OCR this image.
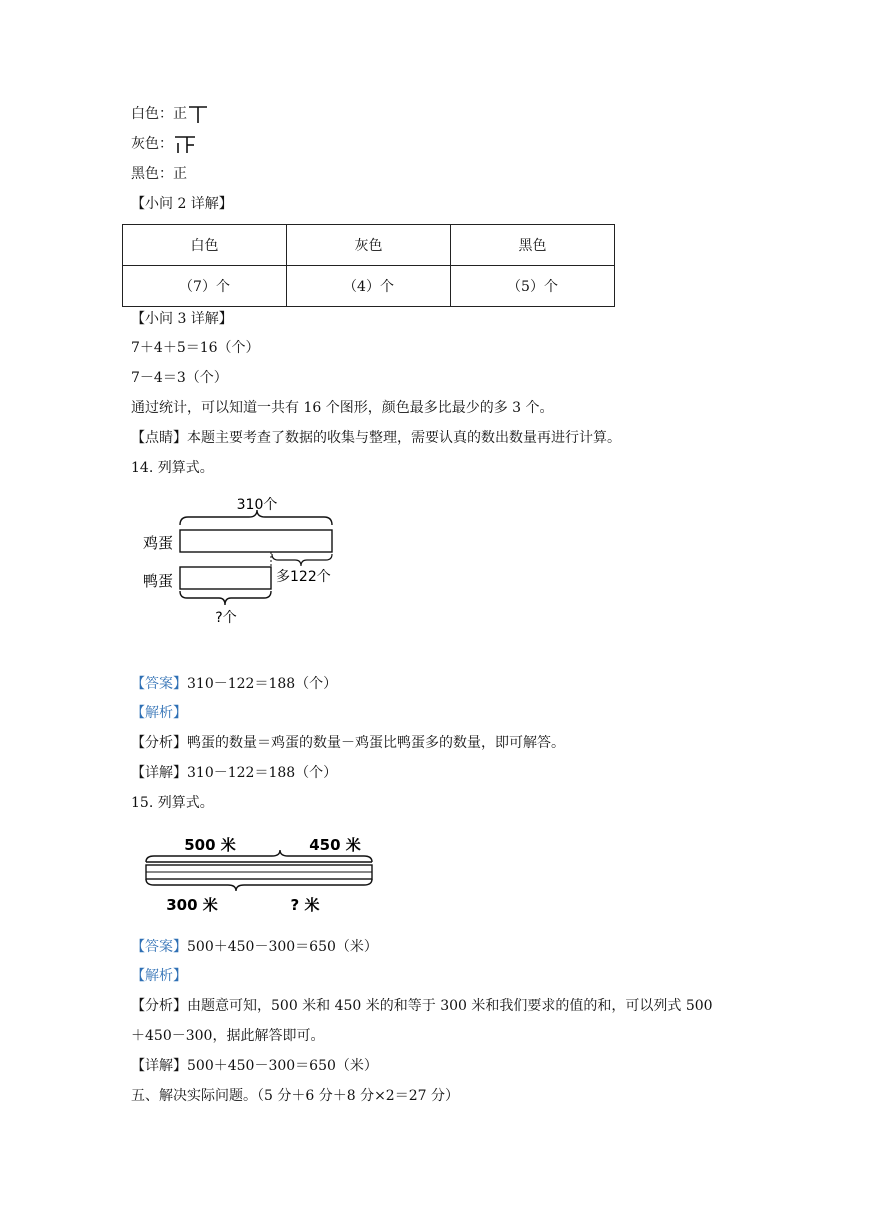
白色：正
灰色：
黑色：正
【小问 2 详解】
白色	灰色	黑色
（7）个	（4）个	（5）个
【小问 3 详解】
7＋4＋5＝16（个）
7－4＝3（个）
通过统计，可以知道一共有 16 个图形，颜色最多比最少的多 3 个。
【点睛】本题主要考查了数据的收集与整理，需要认真的数出数量再进行计算。
14. 列算式。
310个
鸡蛋
鸭蛋	多122个
?个
【答案】310－122＝188（个）
【解析】
【分析】鸭蛋的数量＝鸡蛋的数量－鸡蛋比鸭蛋多的数量，即可解答。
【详解】310－122＝188（个）
15. 列算式。
500 米	450 米
300 米	? 米
【答案】500＋450－300＝650（米）
【解析】
【分析】由题意可知，500 米和 450 米的和等于 300 米和我们要求的值的和，可以列式 500
＋450－300，据此解答即可。
【详解】500＋450－300＝650（米）
五、解决实际问题。（5 分＋6 分＋8 分×2＝27 分）
